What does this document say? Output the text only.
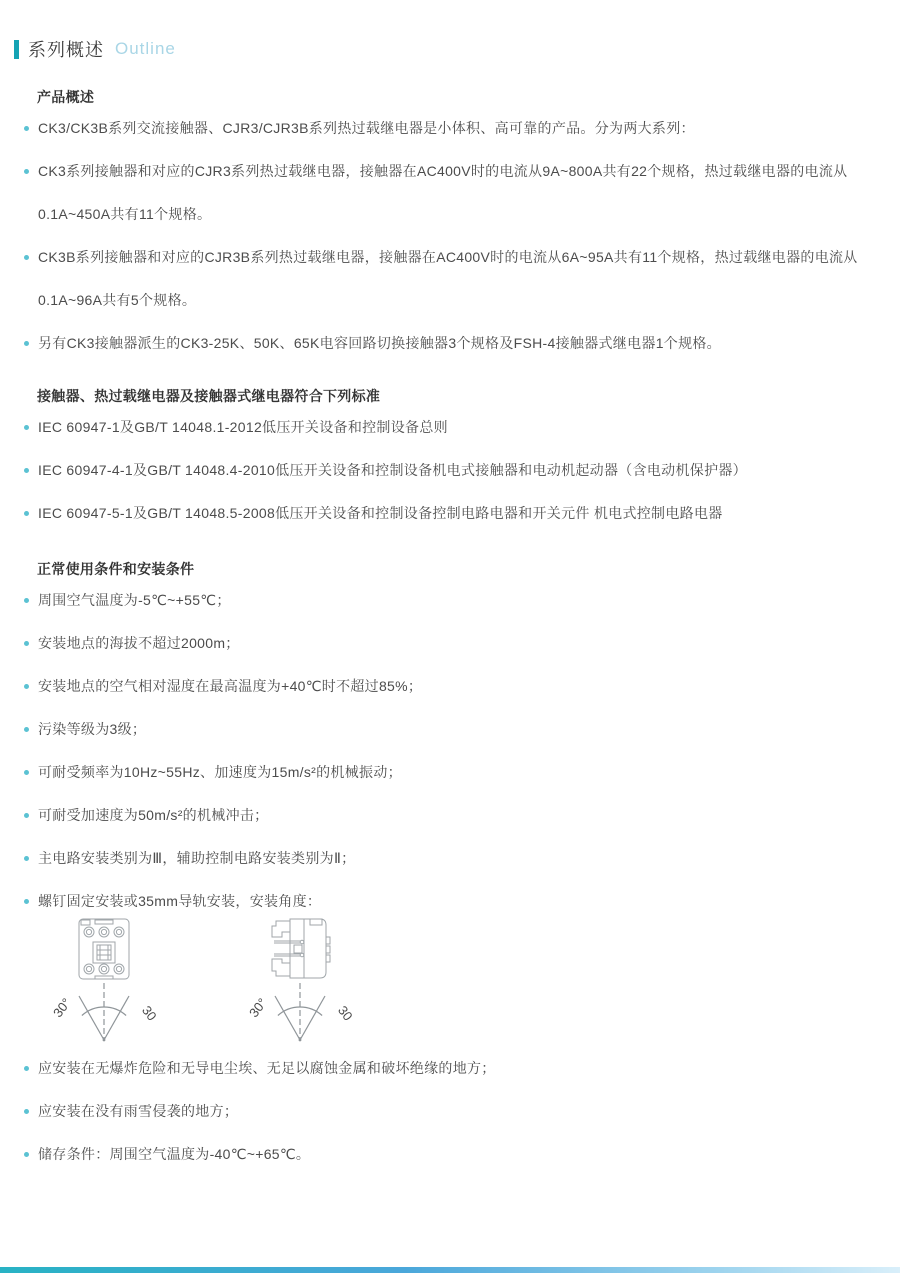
系列概述 Outline
产品概述
CK3/CK3B系列交流接触器、CJR3/CJR3B系列热过载继电器是小体积、高可靠的产品。分为两大系列：
CK3系列接触器和对应的CJR3系列热过载继电器，接触器在AC400V时的电流从9A~800A共有22个规格，热过载继电器的电流从0.1A~450A共有11个规格。
CK3B系列接触器和对应的CJR3B系列热过载继电器，接触器在AC400V时的电流从6A~95A共有11个规格，热过载继电器的电流从0.1A~96A共有5个规格。
另有CK3接触器派生的CK3-25K、50K、65K电容回路切换接触器3个规格及FSH-4接触器式继电器1个规格。
接触器、热过载继电器及接触器式继电器符合下列标准
IEC 60947-1及GB/T 14048.1-2012低压开关设备和控制设备总则
IEC 60947-4-1及GB/T 14048.4-2010低压开关设备和控制设备机电式接触器和电动机起动器（含电动机保护器）
IEC 60947-5-1及GB/T 14048.5-2008低压开关设备和控制设备控制电路电器和开关元件 机电式控制电路电器
正常使用条件和安装条件
周围空气温度为-5℃~+55℃；
安装地点的海拔不超过2000m；
安装地点的空气相对湿度在最高温度为+40℃时不超过85%；
污染等级为3级；
可耐受频率为10Hz~55Hz、加速度为15m/s²的机械振动；
可耐受加速度为50m/s²的机械冲击；
主电路安装类别为Ⅲ，辅助控制电路安装类别为Ⅱ；
螺钉固定安装或35mm导轨安装，安装角度：
30°	30	30°	30
应安装在无爆炸危险和无导电尘埃、无足以腐蚀金属和破坏绝缘的地方；
应安装在没有雨雪侵袭的地方；
储存条件：周围空气温度为-40℃~+65℃。
